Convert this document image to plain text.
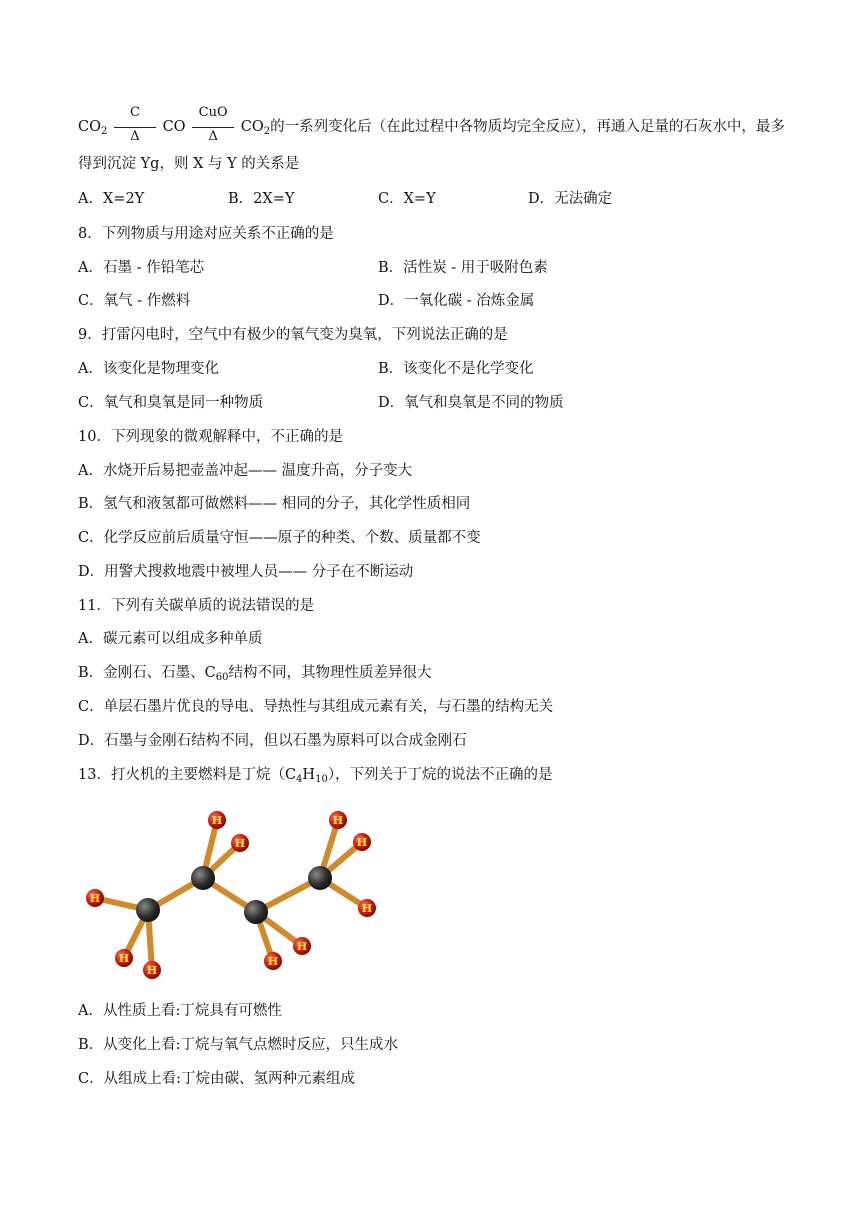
$CO_2 \frac{C}{\Delta}$ CO
CuO
Δ
$CO_2$的一系列变化后（在此过程中各物质均完全反应），再通入足量的石灰水中，最多
得到沉淀 Yg，则 X 与 Y 的关系是
A．X=2Y	B．2X=Y	C．X=Y	D．无法确定
8．下列物质与用途对应关系不正确的是
A．石墨 - 作铅笔芯	B．活性炭 - 用于吸附色素
C．氧气 - 作燃料	D．一氧化碳 - 冶炼金属
9．打雷闪电时，空气中有极少的氧气变为臭氧，下列说法正确的是
A．该变化是物理变化	B．该变化不是化学变化
C．氧气和臭氧是同一种物质	D．氧气和臭氧是不同的物质
10．下列现象的微观解释中，不正确的是
A．水烧开后易把壶盖冲起—— 温度升高，分子变大
B．氢气和液氢都可做燃料—— 相同的分子，其化学性质相同
C．化学反应前后质量守恒——原子的种类、个数、质量都不变
D．用警犬搜救地震中被埋人员—— 分子在不断运动
11．下列有关碳单质的说法错误的是
A．碳元素可以组成多种单质
B．金刚石、石墨、$C_{60}$结构不同，其物理性质差异很大
C．单层石墨片优良的导电、导热性与其组成元素有关，与石墨的结构无关
D．石墨与金刚石结构不同，但以石墨为原料可以合成金刚石
13．打火机的主要燃料是丁烷$(C_4H_{10})$，下列关于丁烷的说法不正确的是
H
H
H
H
H
H
H
H
H
H
A．从性质上看:丁烷具有可燃性
B．从变化上看:丁烷与氧气点燃时反应，只生成水
C．从组成上看:丁烷由碳、氢两种元素组成
